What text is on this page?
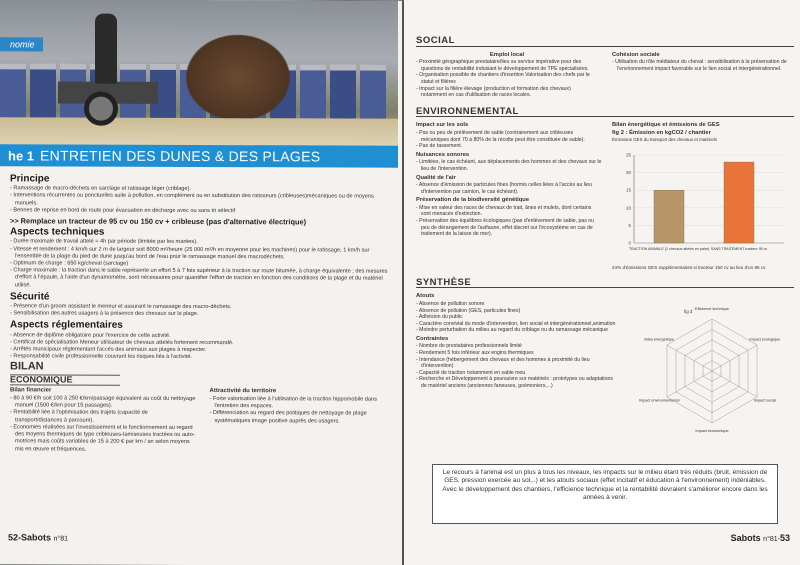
nomie
he 1 ENTRETIEN DES DUNES & DES PLAGES
Principe
- Ramassage de macro-déchets en sarclage et ratissage léger (criblage).
- Interventions récurrentes ou ponctuelles suite à pollution, en complément ou en substitution des ratisseurs (cribleuses)mécaniques ou de moyens manuels.
- Bennes de reprise en bord de route pour évacuation en décharge avec ou sans tri sélectif
>> Remplace un tracteur de 95 cv ou 150 cv + cribleuse (pas d'alternative électrique)
Aspects techniques
- Durée maximale de travail attelé = 4h par période (limitée par les marées).
- Vitesse et rendement : 4 km/h sur 2 m de largeur soit 8000 m²/heure (25 000 m²/h en moyenne pour les machines) pour le ratissage, 1 km/h sur l'ensemble de la plage du pied de dune jusqu'au bord de l'eau pour le ramassage manuel des macrodéchets.
- Optimum de charge : 650 kg/cheval (sarclage)
- Charge maximale : la traction dans le sable représente un effort 5 à 7 fois supérieur à la traction sur route bitumée, à charge équivalente ; des mesures d'effort à l'épaule, à l'aide d'un dynamomètre, sont nécessaires pour quantifier l'effort de traction en fonction des conditions de la plage et du matériel utilisé.
Sécurité
- Présence d'un groom assistant le meneur et assurant le ramassage des macro-déchets.
- Sensibilisation des autres usagers à la présence des chevaux sur la plage.
Aspects réglementaires
- Absence de diplôme obligatoire pour l'exercice de cette activité.
- Certificat de spécialisation Meneur utilisateur de chevaux attelés fortement recommandé.
- Arrêtés municipaux réglementant l'accès des animaux aux plages à respecter.
- Responsabilité civile professionnelle couvrant les risques liés à l'activité.
BILAN
ECONOMIQUE
Bilan financier
- 80 à 90 €/h soit 100 à 250 €/km/passage équivalent au coût du nettoyage manuel (1500 €/km pour 15 passages).
- Rentabilité liée à l'optimisation des trajets (capacité de transport/distances à parcourir).
- Economies réalisées sur l'investissement et le fonctionnement au regard des moyens thermiques de type cribleuses-tamiseuses tractées ou auto-motrices mais coûts variables de 15 à 200 € par km / an selon moyens mis en œuvre et fréquences.
Attractivité du territoire
- Forte valorisation liée à l'utilisation de la traction hippomobile dans l'entretien des espaces.
- Différenciation au regard des politiques de nettoyage de plage systématiques image positive auprès des usagers.
52-Sabots n°81
SOCIAL
Emploi local
- Proximité géographique prestataire/lieu su service impérative pour des questions de rentabilité induisant le développement de TPE spécialisées.
- Organisation possible de chantiers d'insertion Valorisation des chefs par le statut et filières
- Impact sur la filière élevage (production et formation des chevaux) notamment en cas d'utilisation de races locales.
Cohésion sociale
- Utilisation du rôle médiateur du cheval : sensibilisation à la préservation de l'environnement impact favorable sur le lien social et intergénérationnel.
ENVIRONNEMENTAL
Impact sur les sols
- Pas ou peu de prélèvement de sable (contrairement aux cribleuses mécaniques dont 70 à 80% de la récolte peut être constituée de sable).
- Pas de tassement.
Nuisances sonores
- Limitées, le cas échéant, aux déplacements des hommes et des chevaux sur le lieu de l'intervention.
Qualité de l'air
- Absence d'émission de particules fines (hormis celles liées à l'accès au lieu d'intervention par camion, le cas échéant).
Préservation de la biodiversité génétique
- Mise en valeur des races de chevaux de trait, ânes et mulets, dont certains sont menacés d'extinction.
- Préservation des équilibres écologiques (pas d'enlèvement de sable, pas ou peu de dérangement de l'avifaune, effet discret sur l'écosystème en cas de traitement de la laisse de mer).
Bilan énergétique et émissions de GES
fig 2 : Émission en kgCO2 / chantier
Émissions GES du transport des chevaux et matériels
0
5
10
15
20
25
TRACTION ANIMALE (2 chevaux attelés en paire) SANS TRAITEMENT tracteur 95 cv
24% d'émissions GES supplémentaires si tracteur 150 cv au lieu d'un 95 cv
SYNTHÈSE
Atouts
- Absence de pollution sonore
- Absence de pollution (GES, particules fines)
- Adhésion du public
- Caractère convivial du mode d'intervention, lien social et intergénérationnel,animation
- Moindre perturbation du milieu au regard du criblage ou du ramassage mécanique
Contraintes
- Nombre de prestataires professionnels limité
- Rendement 5 fois inférieur aux engins thermiques
- Intendance (hébergement des chevaux et des hommes à proximité du lieu d'intervention)
- Capacité de traction notamment en sable mou
- Recherche et Développement à poursuivre sur matériels : prototypes ou adaptations de matériel anciens (anciennes faneuses, goémoniers,...)
Efficience technique
Impact écologique
Impact social
Impact économique
Impact environnemental
Bilan énergétique
fig 3
Le recours à l'animal est un plus à tous les niveaux, les impacts sur le milieu étant très réduits (bruit, émission de GES, pression exercée au sol,..) et les atouts sociaux (effet incitatif et éducation à l'environnement) indéniables. Avec le développement des chantiers, l'efficience technique et la rentabilité devraient s'améliorer encore dans les années à venir.
Sabots n°81-53
